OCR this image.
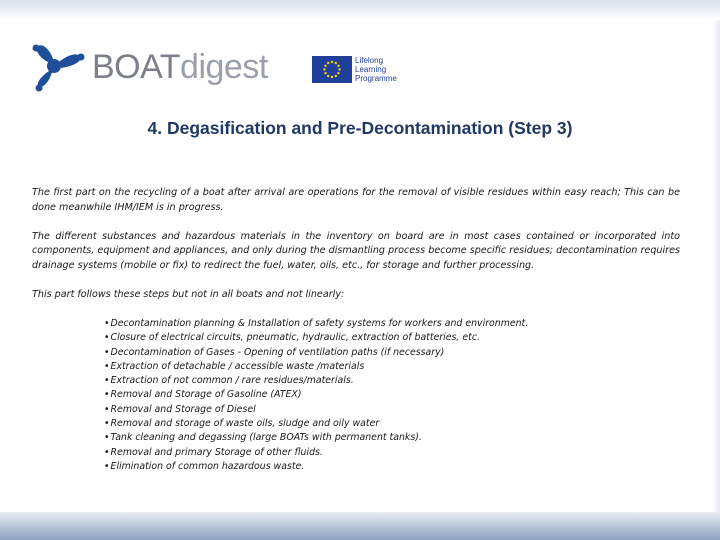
BOATdigest	Lifelong
Learning
Programme
4. Degasification and Pre-Decontamination (Step 3)

The first part on the recycling of a boat after arrival are operations for the removal of visible residues within easy reach; This can be done meanwhile IHM/IEM is in progress.

The different substances and hazardous materials in the inventory on board are in most cases contained or incorporated into components, equipment and appliances, and only during the dismantling process become specific residues; decontamination requires drainage systems (mobile or fix) to redirect the fuel, water, oils, etc., for storage and further processing.

This part follows these steps but not in all boats and not linearly:

•Decontamination planning & Installation of safety systems for workers and environment.
•Closure of electrical circuits, pneumatic, hydraulic, extraction of batteries, etc.
•Decontamination of Gases - Opening of ventilation paths (if necessary)
•Extraction of detachable / accessible waste /materials
•Extraction of not common / rare residues/materials.
•Removal and Storage of Gasoline (ATEX)
•Removal and Storage of Diesel
•Removal and storage of waste oils, sludge and oily water
•Tank cleaning and degassing (large BOATs with permanent tanks).
•Removal and primary Storage of other fluids.
•Elimination of common hazardous waste.
